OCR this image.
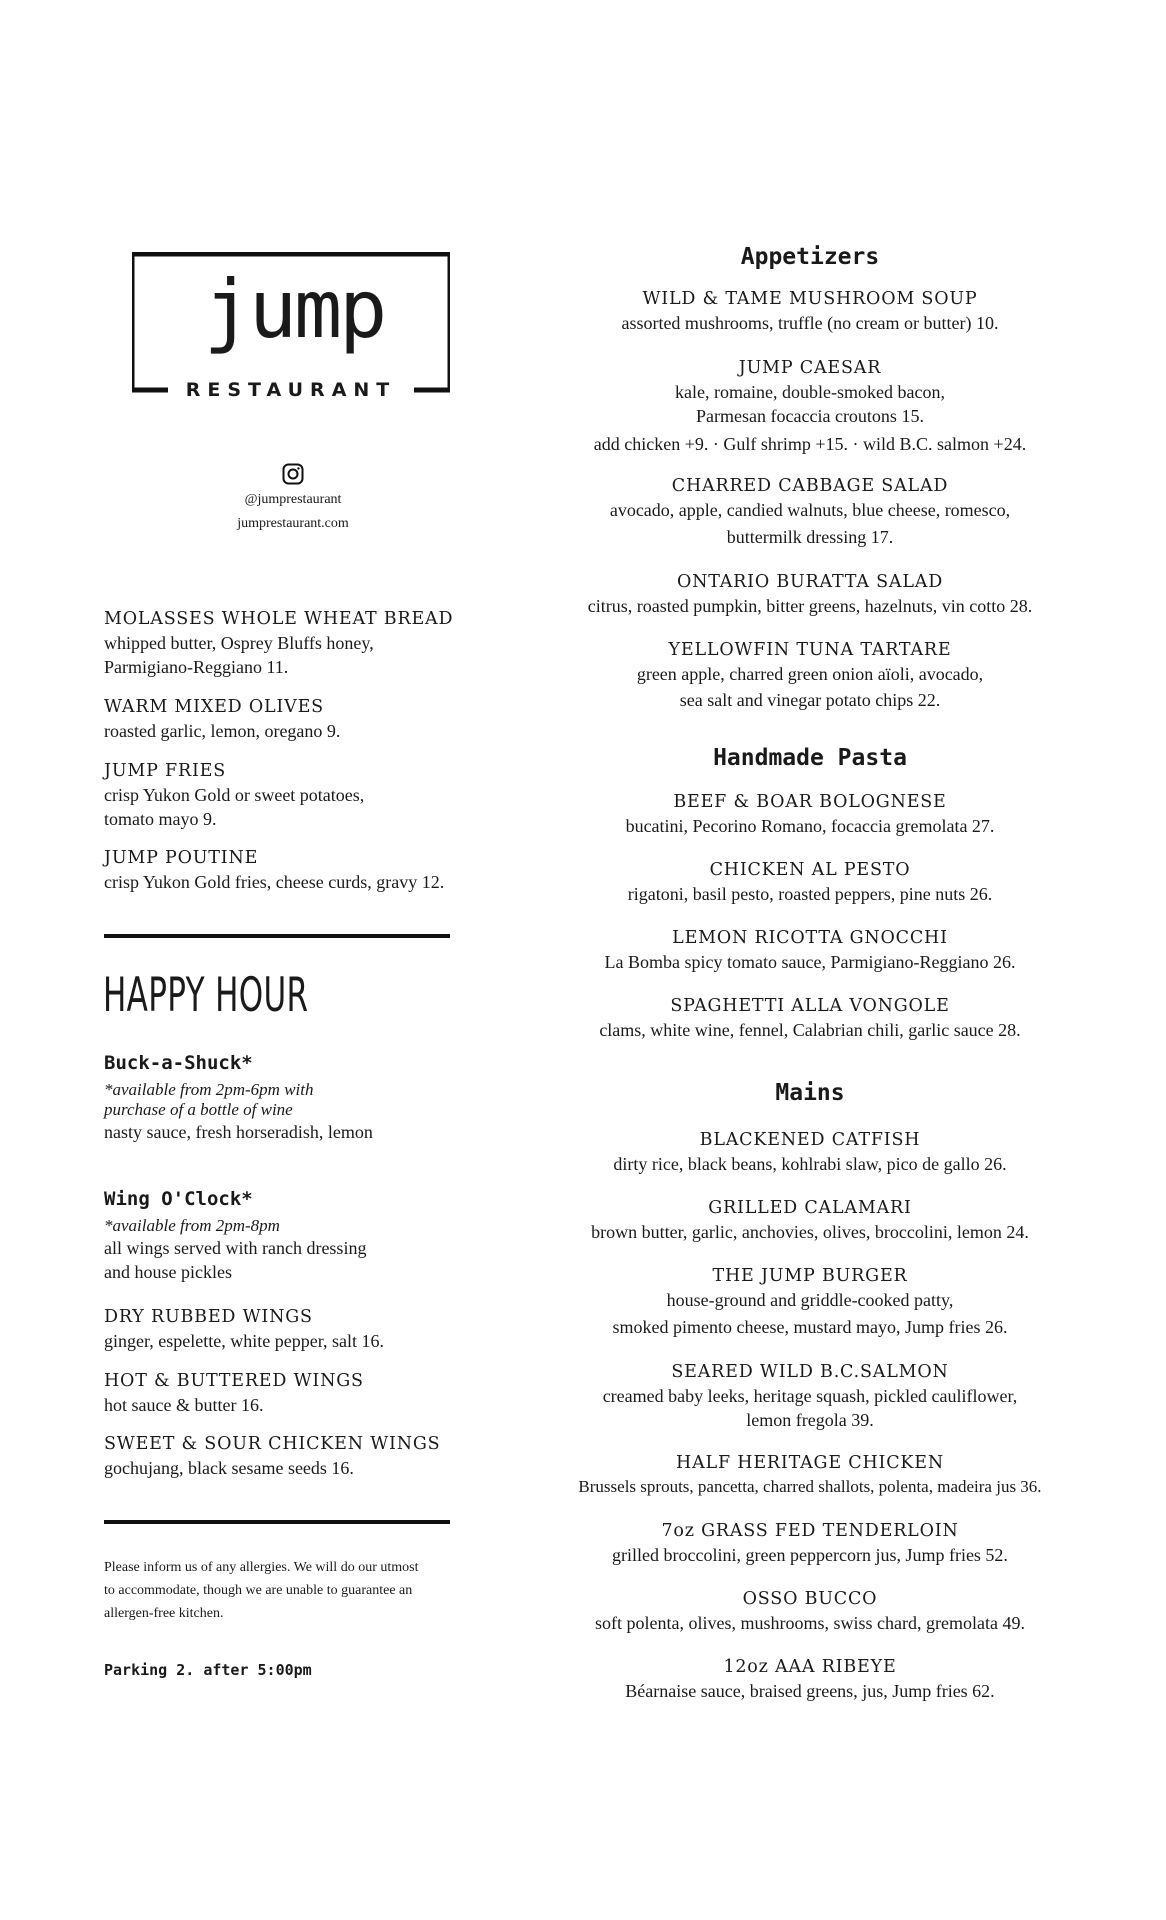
jump
RESTAURANT
@jumprestaurant
jumprestaurant.com
MOLASSES WHOLE WHEAT BREAD
whipped butter, Osprey Bluffs honey,
Parmigiano-Reggiano 11.
WARM MIXED OLIVES
roasted garlic, lemon, oregano 9.
JUMP FRIES
crisp Yukon Gold or sweet potatoes,
tomato mayo 9.
JUMP POUTINE
crisp Yukon Gold fries, cheese curds, gravy 12.
HAPPY HOUR
Buck-a-Shuck*
*available from 2pm-6pm with
purchase of a bottle of wine
nasty sauce, fresh horseradish, lemon
Wing O'Clock*
*available from 2pm-8pm
all wings served with ranch dressing
and house pickles
DRY RUBBED WINGS
ginger, espelette, white pepper, salt 16.
HOT & BUTTERED WINGS
hot sauce & butter 16.
SWEET & SOUR CHICKEN WINGS
gochujang, black sesame seeds 16.
Please inform us of any allergies. We will do our utmost
to accommodate, though we are unable to guarantee an
allergen-free kitchen.
Parking 2. after 5:00pm
Appetizers
WILD & TAME MUSHROOM SOUP
assorted mushrooms, truffle (no cream or butter) 10.
JUMP CAESAR
kale, romaine, double-smoked bacon,
Parmesan focaccia croutons 15.
add chicken +9. · Gulf shrimp +15. · wild B.C. salmon +24.
CHARRED CABBAGE SALAD
avocado, apple, candied walnuts, blue cheese, romesco,
buttermilk dressing 17.
ONTARIO BURATTA SALAD
citrus, roasted pumpkin, bitter greens, hazelnuts, vin cotto 28.
YELLOWFIN TUNA TARTARE
green apple, charred green onion aïoli, avocado,
sea salt and vinegar potato chips 22.
Handmade Pasta
BEEF & BOAR BOLOGNESE
bucatini, Pecorino Romano, focaccia gremolata 27.
CHICKEN AL PESTO
rigatoni, basil pesto, roasted peppers, pine nuts 26.
LEMON RICOTTA GNOCCHI
La Bomba spicy tomato sauce, Parmigiano-Reggiano 26.
SPAGHETTI ALLA VONGOLE
clams, white wine, fennel, Calabrian chili, garlic sauce 28.
Mains
BLACKENED CATFISH
dirty rice, black beans, kohlrabi slaw, pico de gallo 26.
GRILLED CALAMARI
brown butter, garlic, anchovies, olives, broccolini, lemon 24.
THE JUMP BURGER
house-ground and griddle-cooked patty,
smoked pimento cheese, mustard mayo, Jump fries 26.
SEARED WILD B.C.SALMON
creamed baby leeks, heritage squash, pickled cauliflower,
lemon fregola 39.
HALF HERITAGE CHICKEN
Brussels sprouts, pancetta, charred shallots, polenta, madeira jus 36.
7oz GRASS FED TENDERLOIN
grilled broccolini, green peppercorn jus, Jump fries 52.
OSSO BUCCO
soft polenta, olives, mushrooms, swiss chard, gremolata 49.
12oz AAA RIBEYE
Béarnaise sauce, braised greens, jus, Jump fries 62.
